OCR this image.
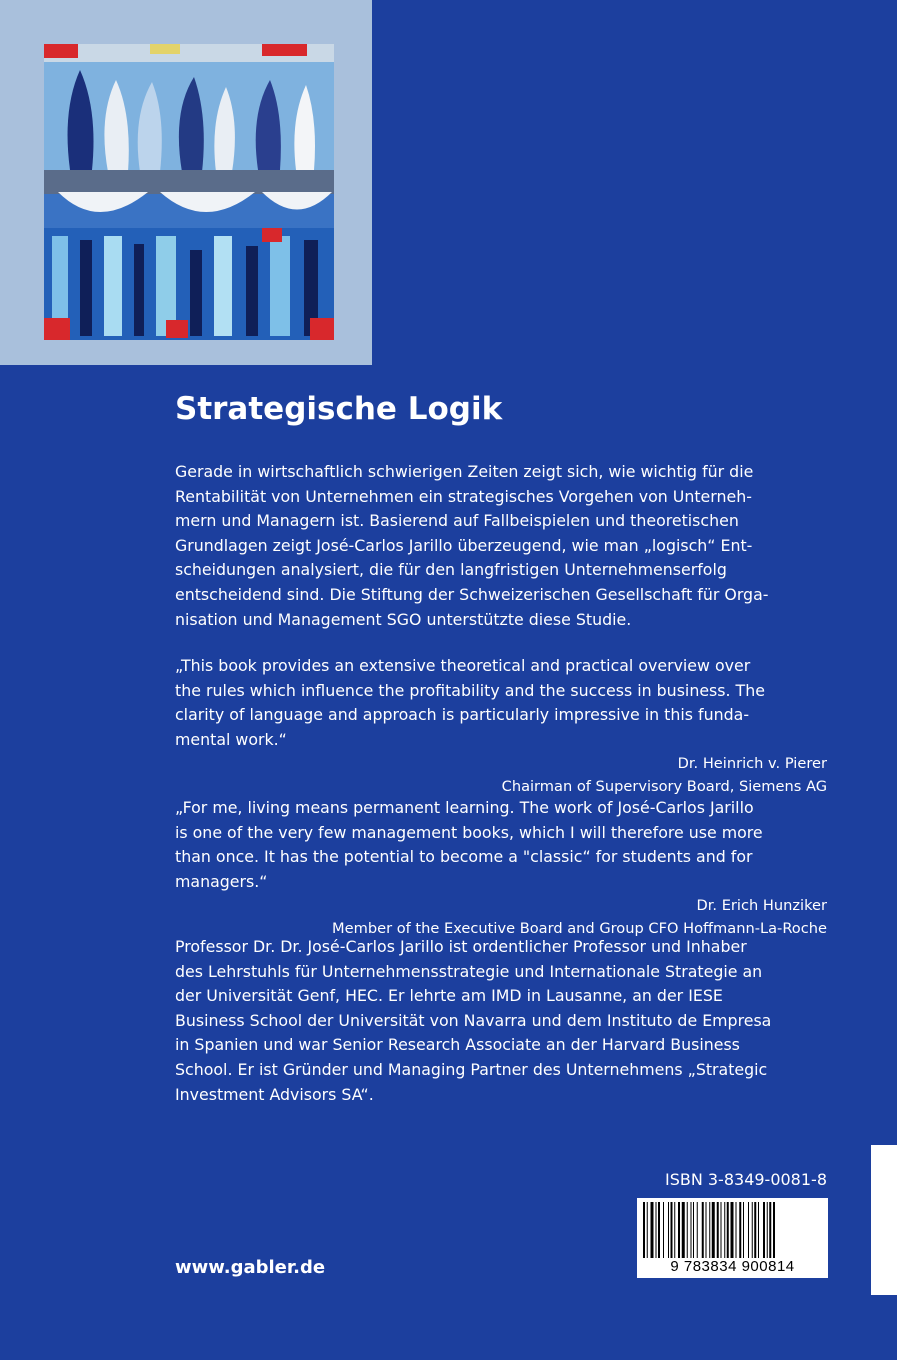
Strategische Logik

Gerade in wirtschaftlich schwierigen Zeiten zeigt sich, wie wichtig für die

Rentabilität von Unternehmen ein strategisches Vorgehen von Unterneh-

mern und Managern ist. Basierend auf Fallbeispielen und theoretischen

Grundlagen zeigt José-Carlos Jarillo überzeugend, wie man „logisch“ Ent-

scheidungen analysiert, die für den langfristigen Unternehmenserfolg

entscheidend sind. Die Stiftung der Schweizerischen Gesellschaft für Orga-

nisation und Management SGO unterstützte diese Studie.

„This book provides an extensive theoretical and practical overview over

the rules which influence the profitability and the success in business. The

clarity of language and approach is particularly impressive in this funda-

mental work.“

Dr. Heinrich v. Pierer

Chairman of Supervisory Board, Siemens AG

„For me, living means permanent learning. The work of José-Carlos Jarillo

is one of the very few management books, which I will therefore use more

than once. It has the potential to become a "classic“ for students and for

managers.“

Dr. Erich Hunziker

Member of the Executive Board and Group CFO Hoffmann-La-Roche

Professor Dr. Dr. José-Carlos Jarillo ist ordentlicher Professor und Inhaber

des Lehrstuhls für Unternehmensstrategie und Internationale Strategie an

der Universität Genf, HEC. Er lehrte am IMD in Lausanne, an der IESE

Business School der Universität von Navarra und dem Instituto de Empresa

in Spanien und war Senior Research Associate an der Harvard Business

School. Er ist Gründer und Managing Partner des Unternehmens „Strategic

Investment Advisors SA“.

ISBN 3-8349-0081-8
9 783834 900814
www.gabler.de
